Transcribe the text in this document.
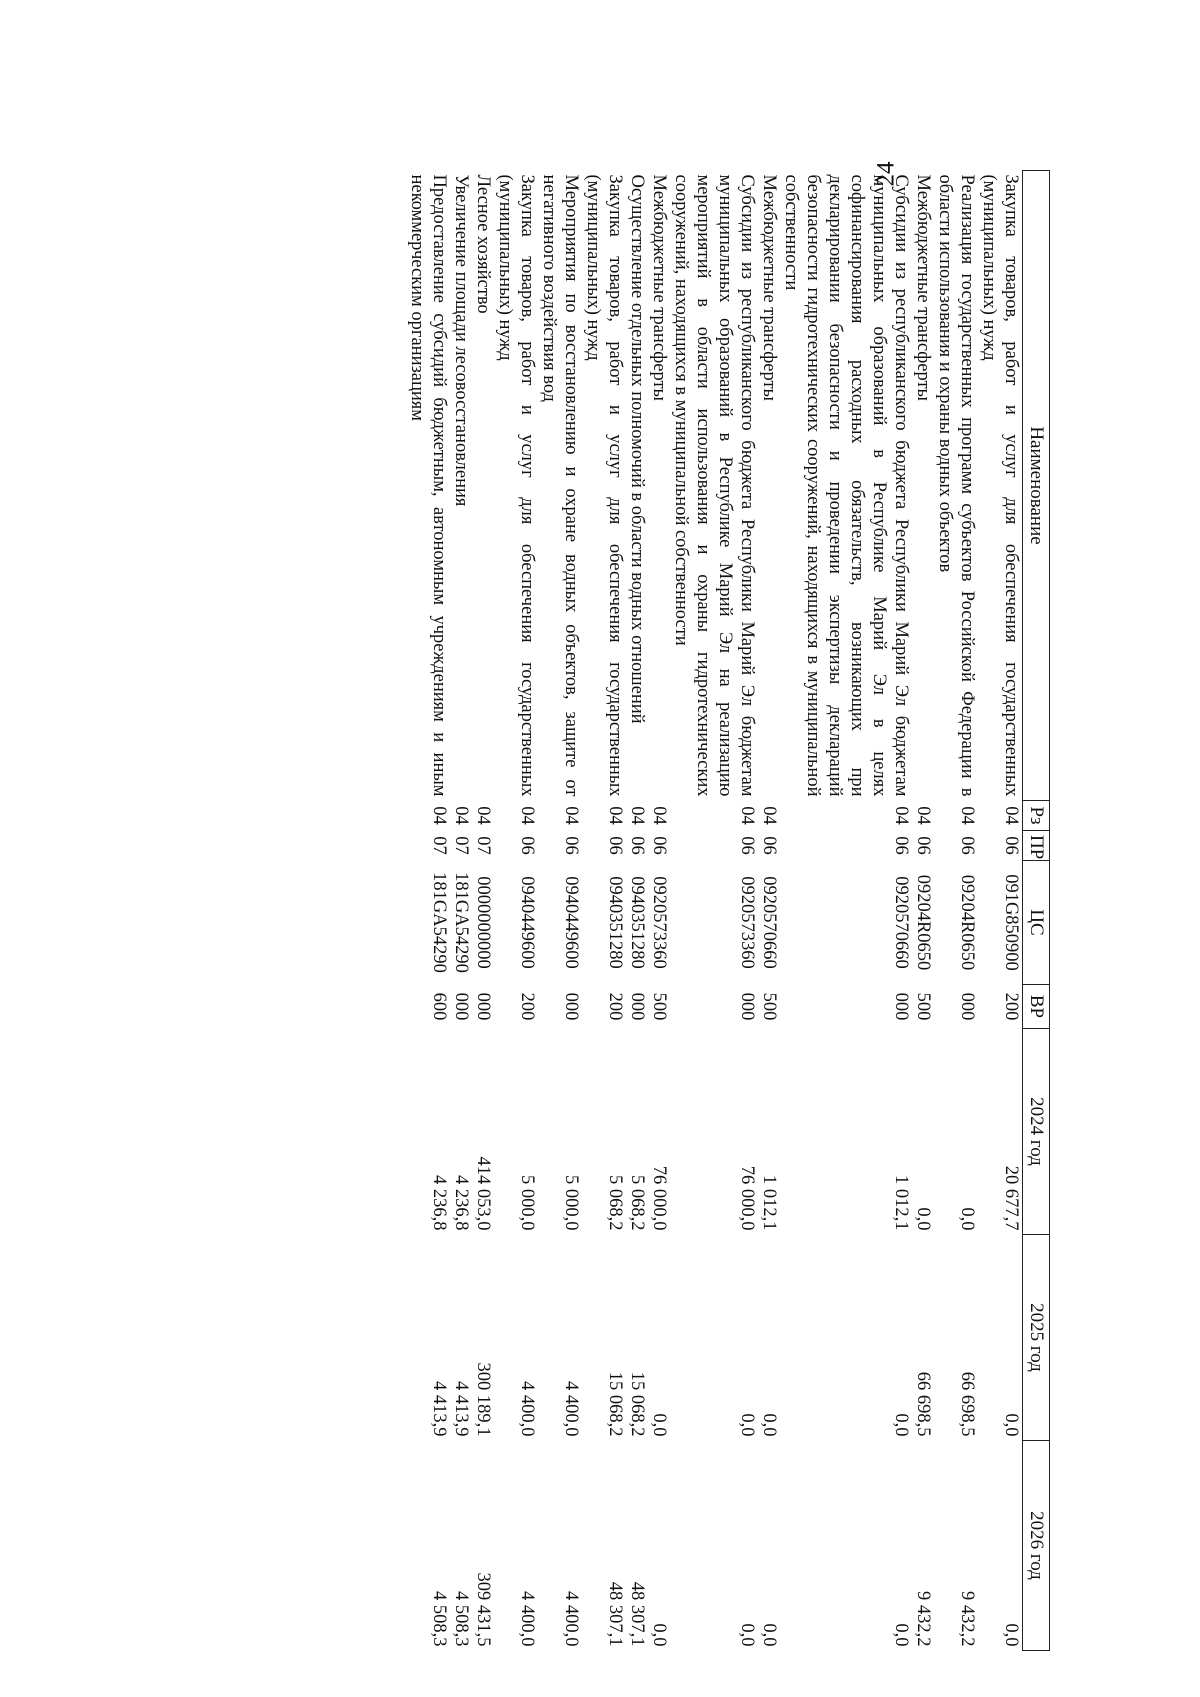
24
Наименование	Рз	ПР	ЦС	ВР	2024 год	2025 год	2026 год
Закупка товаров, работ и услуг для обеспечения государственных (муниципальных) нужд	04	06	091G850900	200	20 677,7	0,0	0,0
Реализация государственных программ субъектов Российской Федерации в области использования и охраны водных объектов	04	06	09204R0650	000	0,0	66 698,5	9 432,2
Межбюджетные трансферты	04	06	09204R0650	500	0,0	66 698,5	9 432,2
Субсидии из республиканского бюджета Республики Марий Эл бюджетам муниципальных образований в Республике Марий Эл в целях софинансирования расходных обязательств, возникающих при декларировании безопасности и проведении экспертизы деклараций безопасности гидротехнических сооружений, находящихся в муниципальной собственности	04	06	0920570660	000	1 012,1	0,0	0,0
Межбюджетные трансферты	04	06	0920570660	500	1 012,1	0,0	0,0
Субсидии из республиканского бюджета Республики Марий Эл бюджетам муниципальных образований в Республике Марий Эл на реализацию мероприятий в области использования и охраны гидротехнических сооружений, находящихся в муниципальной собственности	04	06	0920573360	000	76 000,0	0,0	0,0
Межбюджетные трансферты	04	06	0920573360	500	76 000,0	0,0	0,0
Осуществление отдельных полномочий в области водных отношений	04	06	0940351280	000	5 068,2	15 068,2	48 307,1
Закупка товаров, работ и услуг для обеспечения государственных (муниципальных) нужд	04	06	0940351280	200	5 068,2	15 068,2	48 307,1
Мероприятия по восстановлению и охране водных объектов, защите от негативного воздействия вод	04	06	0940449600	000	5 000,0	4 400,0	4 400,0
Закупка товаров, работ и услуг для обеспечения государственных (муниципальных) нужд	04	06	0940449600	200	5 000,0	4 400,0	4 400,0
Лесное хозяйство	04	07	0000000000	000	414 053,0	300 189,1	309 431,5
Увеличение площади лесовосстановления	04	07	181GA54290	000	4 236,8	4 413,9	4 508,3
Предоставление субсидий бюджетным, автономным учреждениям и иным некоммерческим организациям	04	07	181GA54290	600	4 236,8	4 413,9	4 508,3
